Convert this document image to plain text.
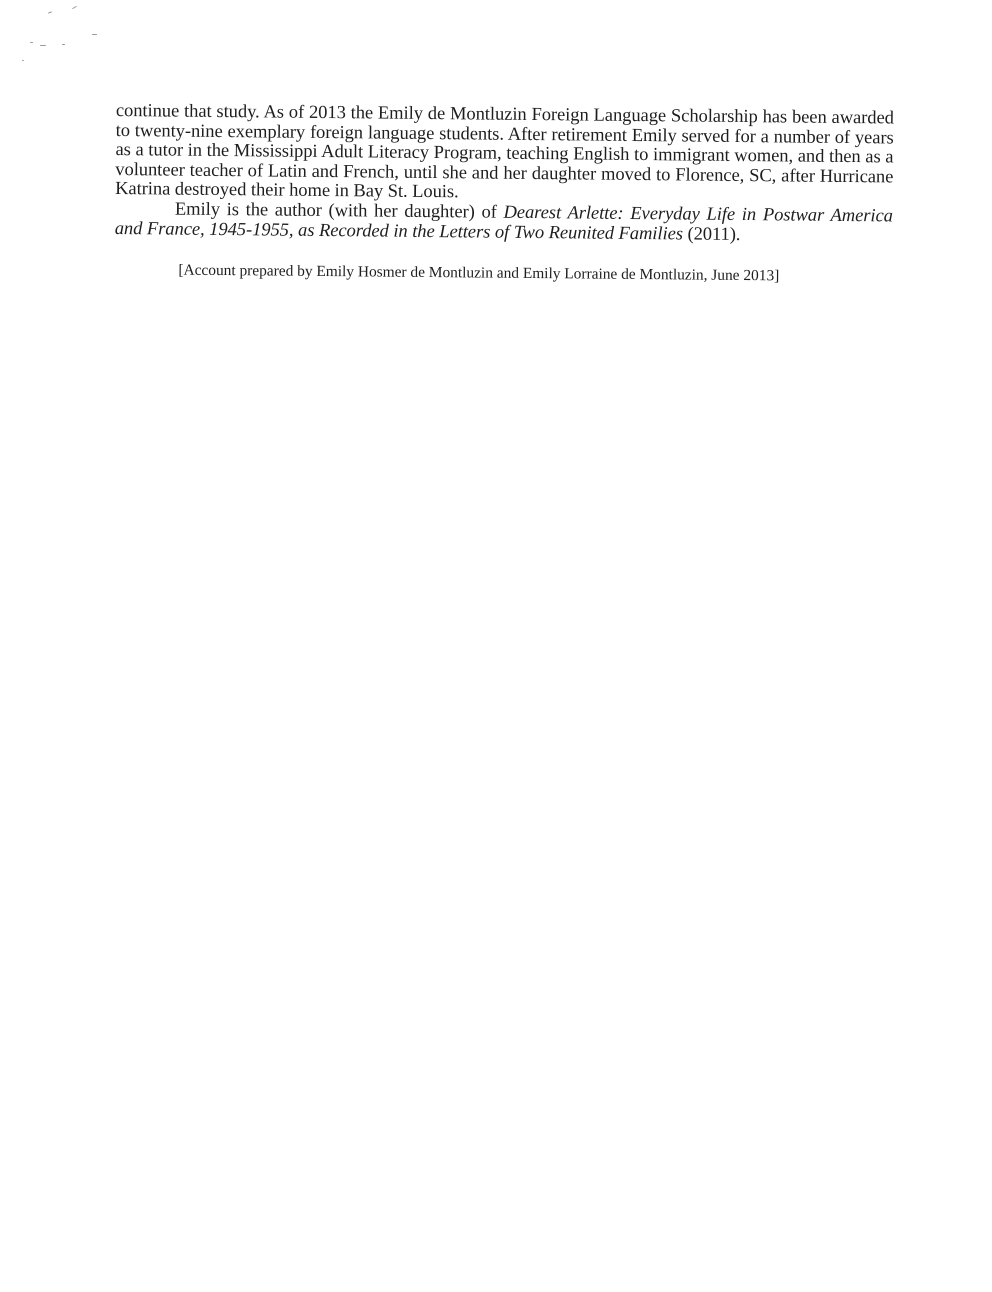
continue that study. As of 2013 the Emily de Montluzin Foreign Language Scholarship has been awarded to twenty-nine exemplary foreign language students. After retirement Emily served for a number of years as a tutor in the Mississippi Adult Literacy Program, teaching English to immigrant women, and then as a volunteer teacher of Latin and French, until she and her daughter moved to Florence, SC, after Hurricane Katrina destroyed their home in Bay St. Louis.

Emily is the author (with her daughter) of Dearest Arlette: Everyday Life in Postwar America and France, 1945-1955, as Recorded in the Letters of Two Reunited Families (2011).

[Account prepared by Emily Hosmer de Montluzin and Emily Lorraine de Montluzin, June 2013]
